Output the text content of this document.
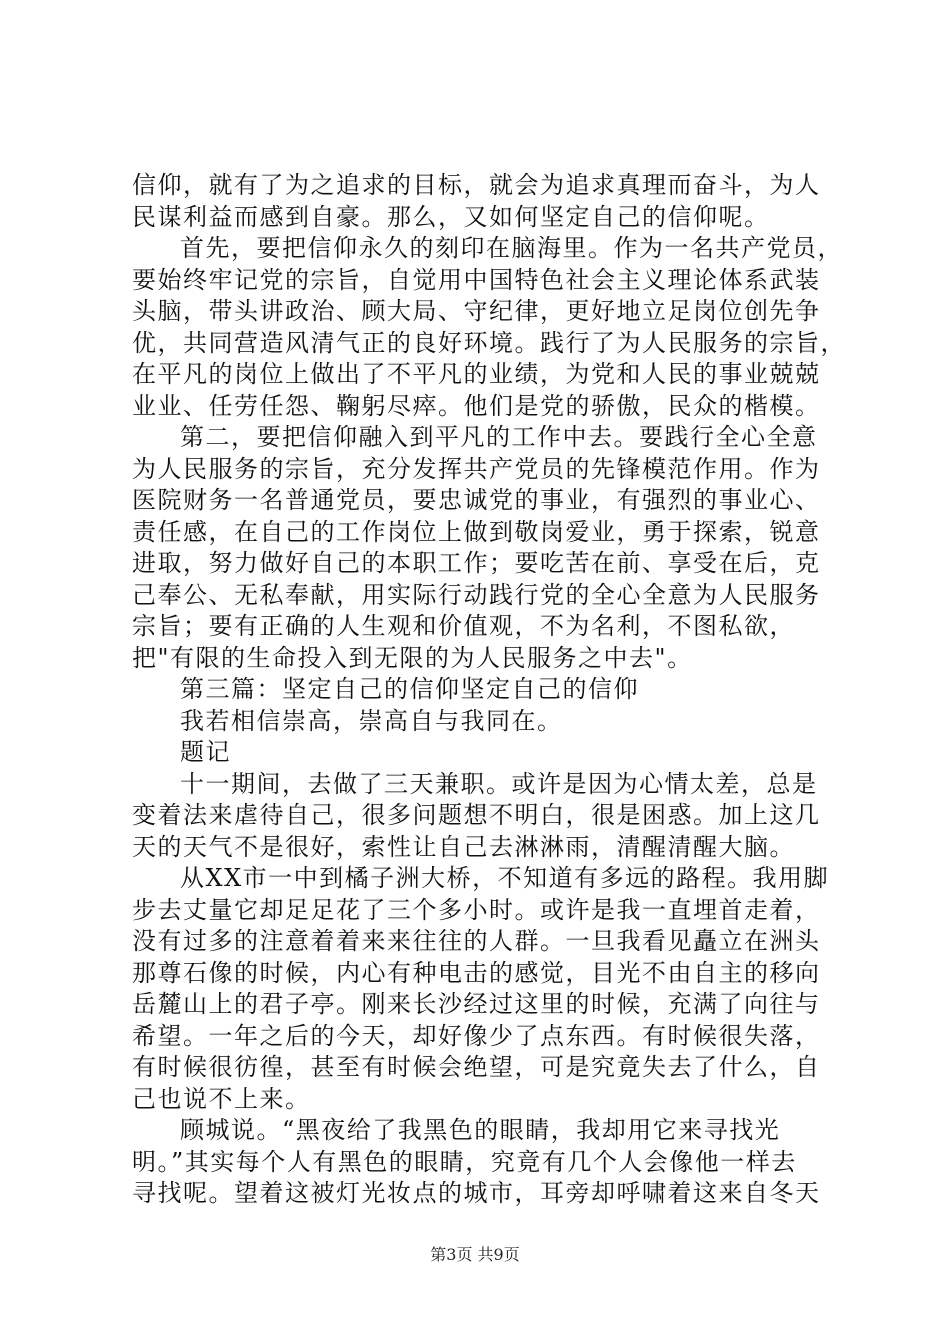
信仰，就有了为之追求的目标，就会为追求真理而奋斗，为人
民谋利益而感到自豪。那么，又如何坚定自己的信仰呢。
首先，要把信仰永久的刻印在脑海里。作为一名共产党员，
要始终牢记党的宗旨，自觉用中国特色社会主义理论体系武装
头脑，带头讲政治、顾大局、守纪律，更好地立足岗位创先争
优，共同营造风清气正的良好环境。践行了为人民服务的宗旨，
在平凡的岗位上做出了不平凡的业绩，为党和人民的事业兢兢
业业、任劳任怨、鞠躬尽瘁。他们是党的骄傲，民众的楷模。
第二，要把信仰融入到平凡的工作中去。要践行全心全意
为人民服务的宗旨，充分发挥共产党员的先锋模范作用。作为
医院财务一名普通党员，要忠诚党的事业，有强烈的事业心、
责任感，在自己的工作岗位上做到敬岗爱业，勇于探索，锐意
进取，努力做好自己的本职工作；要吃苦在前、享受在后，克
己奉公、无私奉献，用实际行动践行党的全心全意为人民服务
宗旨；要有正确的人生观和价值观，不为名利，不图私欲，
把"有限的生命投入到无限的为人民服务之中去"。
第三篇：坚定自己的信仰坚定自己的信仰
我若相信崇高，崇高自与我同在。
题记
十一期间，去做了三天兼职。或许是因为心情太差，总是
变着法来虐待自己，很多问题想不明白，很是困惑。加上这几
天的天气不是很好，索性让自己去淋淋雨，清醒清醒大脑。
从XX市一中到橘子洲大桥，不知道有多远的路程。我用脚
步去丈量它却足足花了三个多小时。或许是我一直埋首走着，
没有过多的注意着着来来往往的人群。一旦我看见矗立在洲头
那尊石像的时候，内心有种电击的感觉，目光不由自主的移向
岳麓山上的君子亭。刚来长沙经过这里的时候，充满了向往与
希望。一年之后的今天，却好像少了点东西。有时候很失落，
有时候很彷徨，甚至有时候会绝望，可是究竟失去了什么，自
己也说不上来。
顾城说。“黑夜给了我黑色的眼睛，我却用它来寻找光
明。”其实每个人有黑色的眼睛，究竟有几个人会像他一样去
寻找呢。望着这被灯光妆点的城市，耳旁却呼啸着这来自冬天
第3页 共9页
